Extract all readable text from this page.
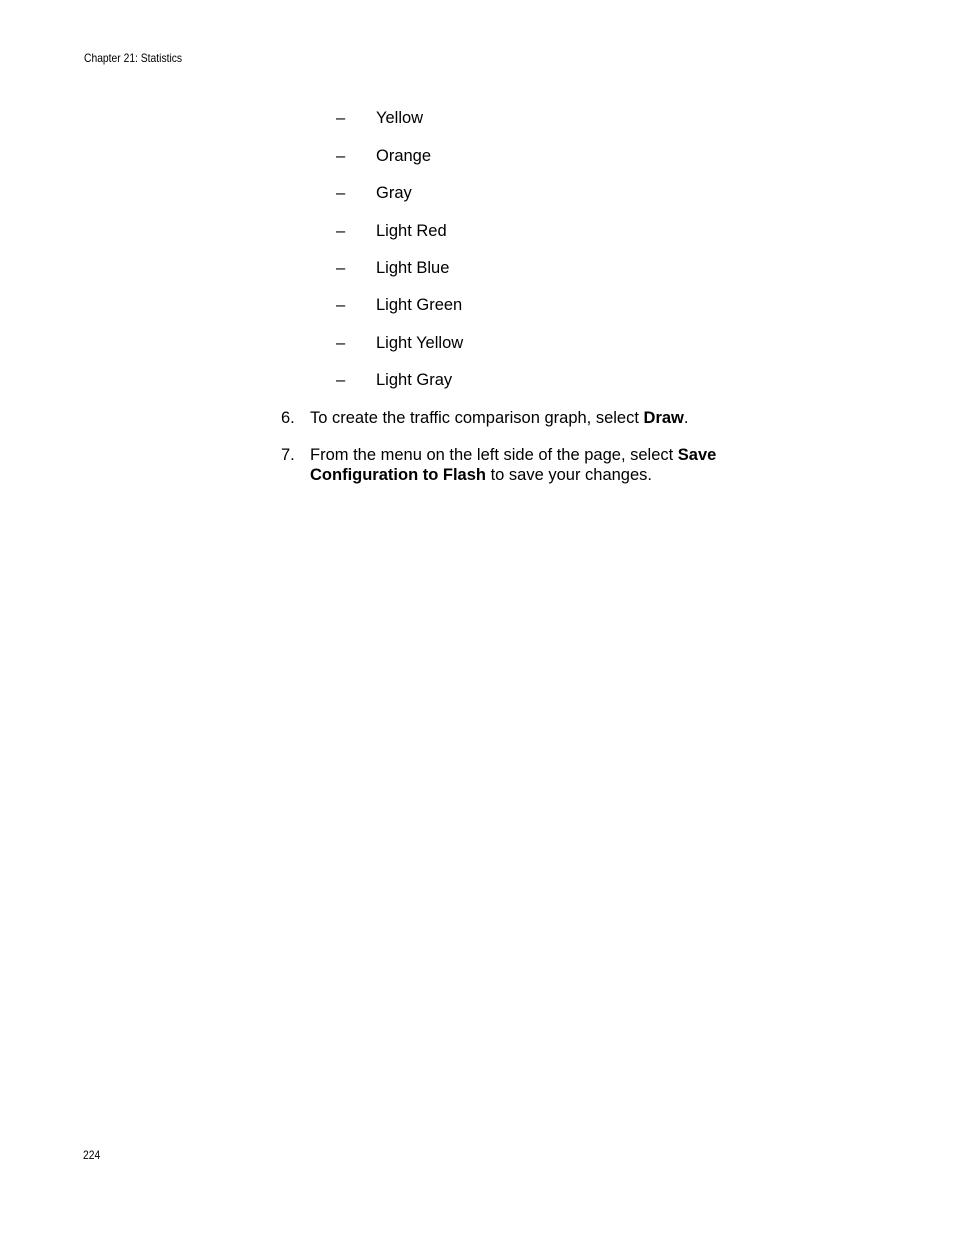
Chapter 21: Statistics
– Yellow
– Orange
– Gray
– Light Red
– Light Blue
– Light Green
– Light Yellow
– Light Gray
6. To create the traffic comparison graph, select Draw.
7. From the menu on the left side of the page, select Save Configuration to Flash to save your changes.
224
